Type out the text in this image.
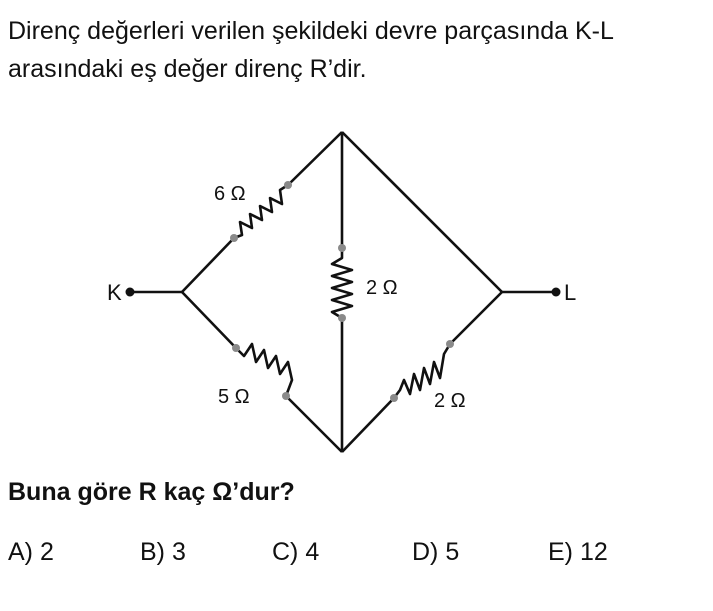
Direnç değerleri verilen şekildeki devre parçasında K-L
arasındaki eş değer direnç R’dir.

K	L
6 Ω
2 Ω
5 Ω	2 Ω

Buna göre R kaç Ω’dur?

A) 2	B) 3	C) 4	D) 5	E) 12
